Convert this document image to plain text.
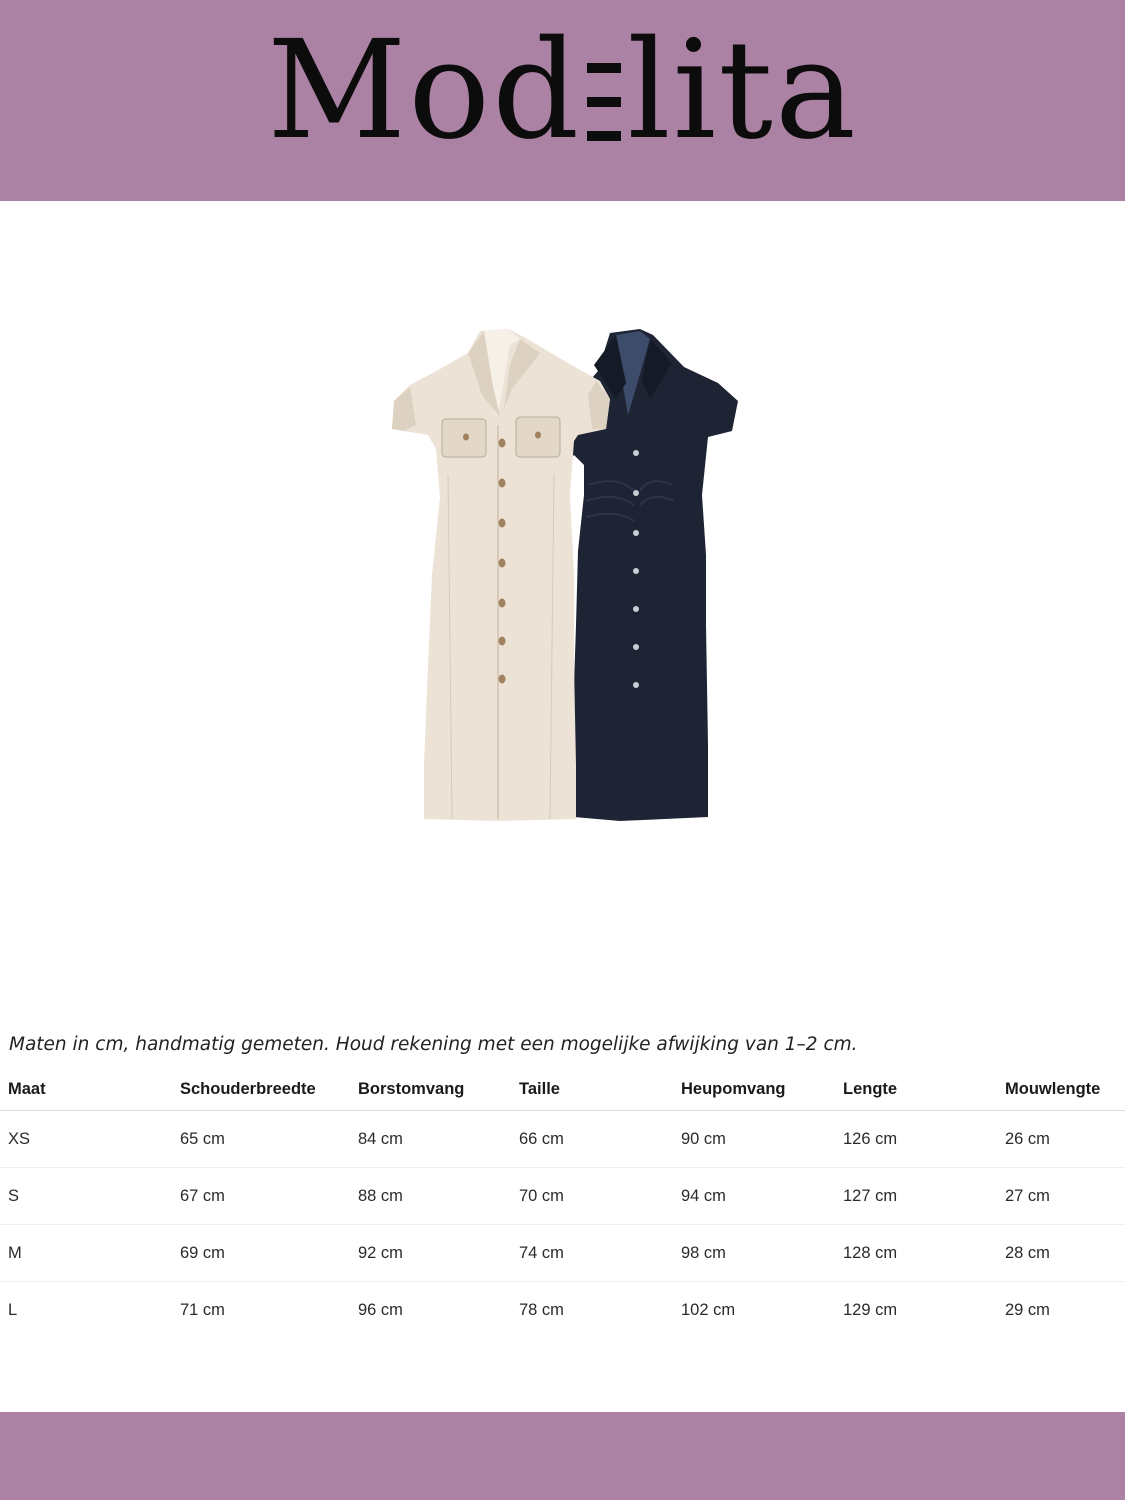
Mod lita
Maten in cm, handmatig gemeten. Houd rekening met een mogelijke afwijking van 1–2 cm.
Maat	Schouderbreedte	Borstomvang	Taille	Heupomvang	Lengte	Mouwlengte
XS	65 cm	84 cm	66 cm	90 cm	126 cm	26 cm
S	67 cm	88 cm	70 cm	94 cm	127 cm	27 cm
M	69 cm	92 cm	74 cm	98 cm	128 cm	28 cm
L	71 cm	96 cm	78 cm	102 cm	129 cm	29 cm
